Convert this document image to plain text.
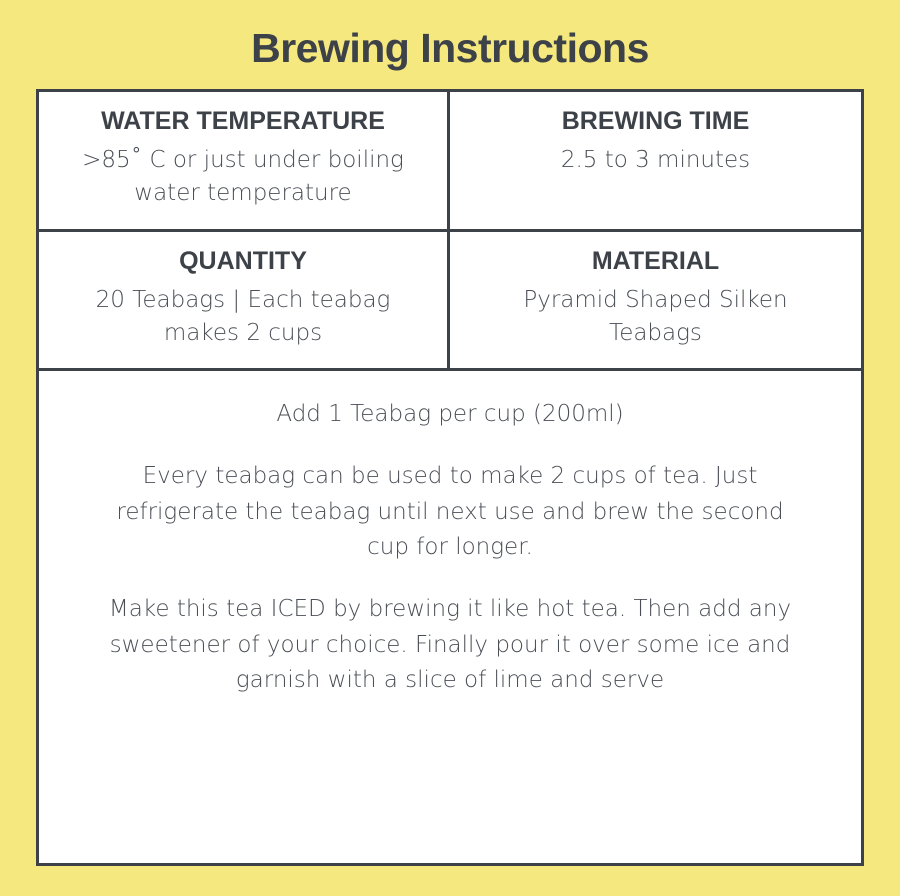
Brewing Instructions
WATER TEMPERATURE
>85˚ C or just under boiling water temperature
BREWING TIME
2.5 to 3 minutes
QUANTITY
20 Teabags | Each teabag makes 2 cups
MATERIAL
Pyramid Shaped Silken Teabags
Add 1 Teabag per cup (200ml)
Every teabag can be used to make 2 cups of tea. Just refrigerate the teabag until next use and brew the second cup for longer.
Make this tea ICED by brewing it like hot tea. Then add any sweetener of your choice. Finally pour it over some ice and garnish with a slice of lime and serve
